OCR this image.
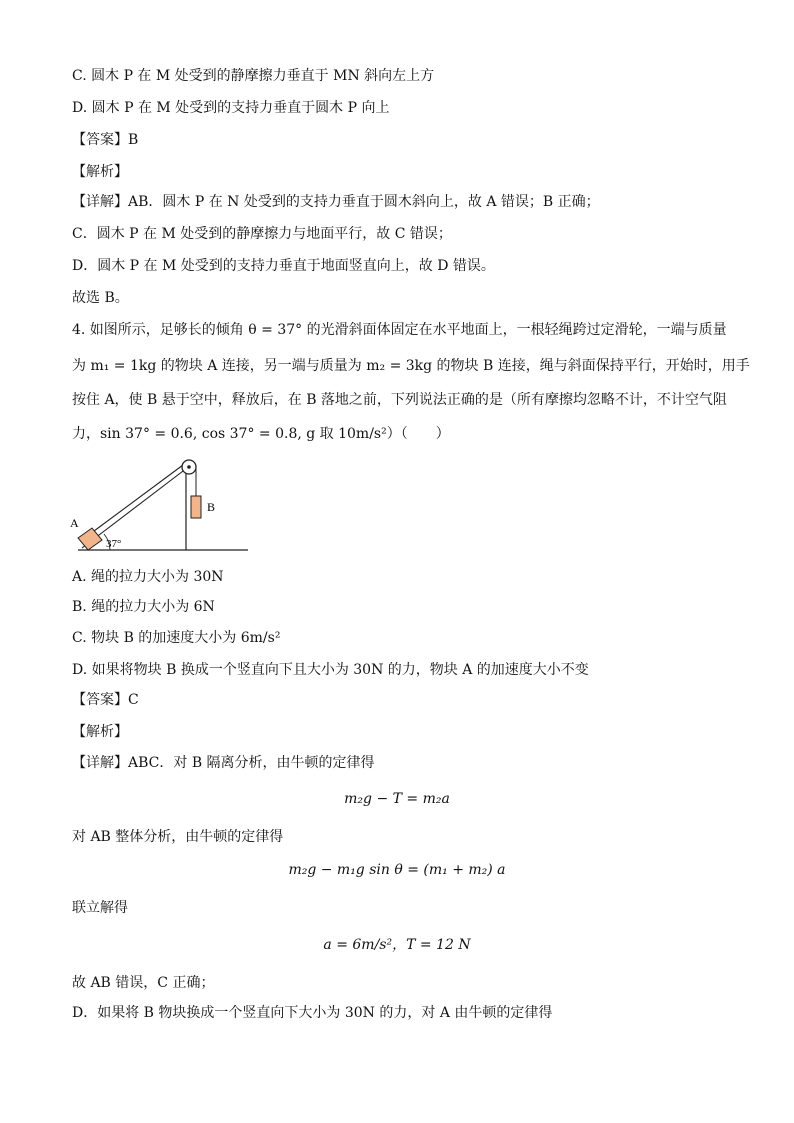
C. 圆木 P 在 M 处受到的静摩擦力垂直于 MN 斜向左上方
D. 圆木 P 在 M 处受到的支持力垂直于圆木 P 向上
【答案】B
【解析】
【详解】AB．圆木 P 在 N 处受到的支持力垂直于圆木斜向上，故 A 错误；B 正确；
C．圆木 P 在 M 处受到的静摩擦力与地面平行，故 C 错误；
D．圆木 P 在 M 处受到的支持力垂直于地面竖直向上，故 D 错误。
故选 B。
4. 如图所示，足够长的倾角 θ = 37° 的光滑斜面体固定在水平地面上，一根轻绳跨过定滑轮，一端与质量
为 m₁ = 1kg 的物块 A 连接，另一端与质量为 m₂ = 3kg 的物块 B 连接，绳与斜面保持平行，开始时，用手
按住 A，使 B 悬于空中，释放后，在 B 落地之前，下列说法正确的是（所有摩擦均忽略不计，不计空气阻
力，sin 37° = 0.6, cos 37° = 0.8, g 取 10m/s²）（　　）
B
A
37°
A. 绳的拉力大小为 30N
B. 绳的拉力大小为 6N
C. 物块 B 的加速度大小为 6m/s²
D. 如果将物块 B 换成一个竖直向下且大小为 30N 的力，物块 A 的加速度大小不变
【答案】C
【解析】
【详解】ABC．对 B 隔离分析，由牛顿的定律得
m₂g − T = m₂a
对 AB 整体分析，由牛顿的定律得
m₂g − m₁g sin θ = (m₁ + m₂) a
联立解得
a = 6m/s²，T = 12 N
故 AB 错误，C 正确；
D．如果将 B 物块换成一个竖直向下大小为 30N 的力，对 A 由牛顿的定律得
